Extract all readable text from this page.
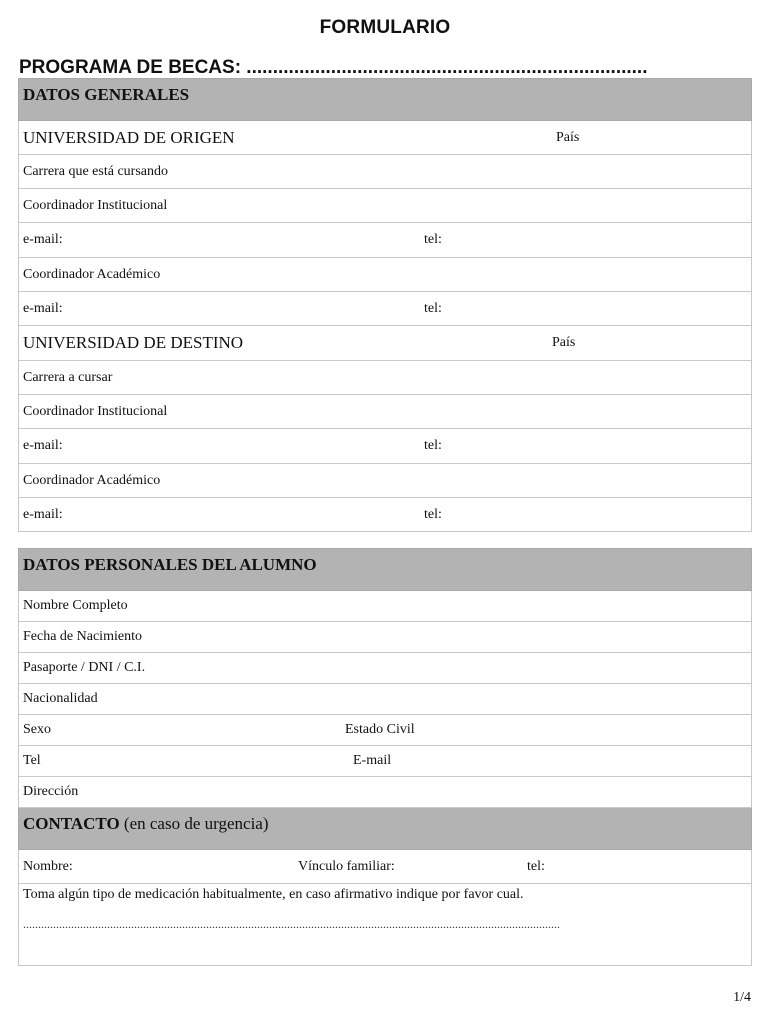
FORMULARIO
PROGRAMA DE BECAS: ............................................................................
DATOS GENERALES
UNIVERSIDAD DE ORIGEN	País

Carrera que está cursando
Coordinador Institucional
e-mail:	tel:

Coordinador Académico
e-mail:	tel:

UNIVERSIDAD DE DESTINO	País

Carrera a cursar
Coordinador Institucional
e-mail:	tel:

Coordinador Académico
e-mail:	tel:
DATOS PERSONALES DEL ALUMNO
Nombre Completo
Fecha de Nacimiento
Pasaporte / DNI / C.I.
Nacionalidad
Sexo	Estado Civil

Tel	E-mail

Dirección
CONTACTO (en caso de urgencia)
Nombre:	Vínculo familiar:	tel:

Toma algún tipo de medicación habitualmente, en caso afirmativo indique por favor cual.
...................................................................................................................................................................................
1/4
